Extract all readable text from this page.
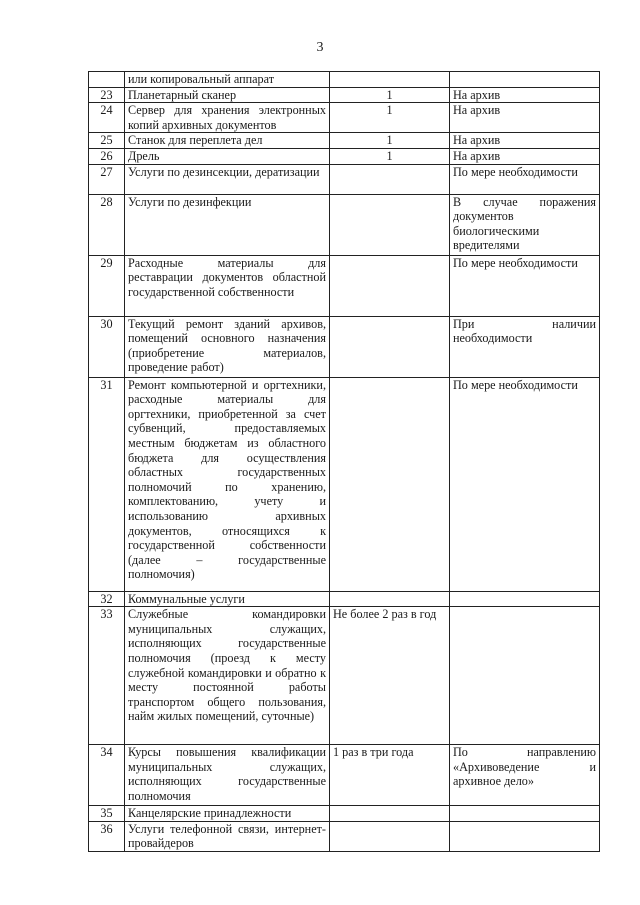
3
	или копировальный аппарат		
23	Планетарный сканер	1	На архив
24	Сервер для хранения электронных копий архивных документов	1	На архив
25	Станок для переплета дел	1	На архив
26	Дрель	1	На архив
27	Услуги по дезинсекции, дератизации		По мере необходимости
28	Услуги по дезинфекции		В случае поражения документов биологическими вредителями
29	Расходные материалы для реставрации документов областной государственной собственности		По мере необходимости
30	Текущий ремонт зданий архивов, помещений основного назначения (приобретение материалов, проведение работ)		При наличии необходимости
31	Ремонт компьютерной и оргтехники, расходные материалы для оргтехники, приобретенной за счет субвенций, предоставляемых местным бюджетам из областного бюджета для осуществления областных государственных полномочий по хранению, комплектованию, учету и использованию архивных документов, относящихся к государственной собственности (далее – государственные полномочия)		По мере необходимости
32	Коммунальные услуги		
33	Служебные командировки муниципальных служащих, исполняющих государственные полномочия (проезд к месту служебной командировки и обратно к месту постоянной работы транспортом общего пользования, найм жилых помещений, суточные)	Не более 2 раз в год	
34	Курсы повышения квалификации муниципальных служащих, исполняющих государственные полномочия	1 раз в три года	По направлению «Архивоведение и архивное дело»
35	Канцелярские принадлежности		
36	Услуги телефонной связи, интернет-провайдеров		
